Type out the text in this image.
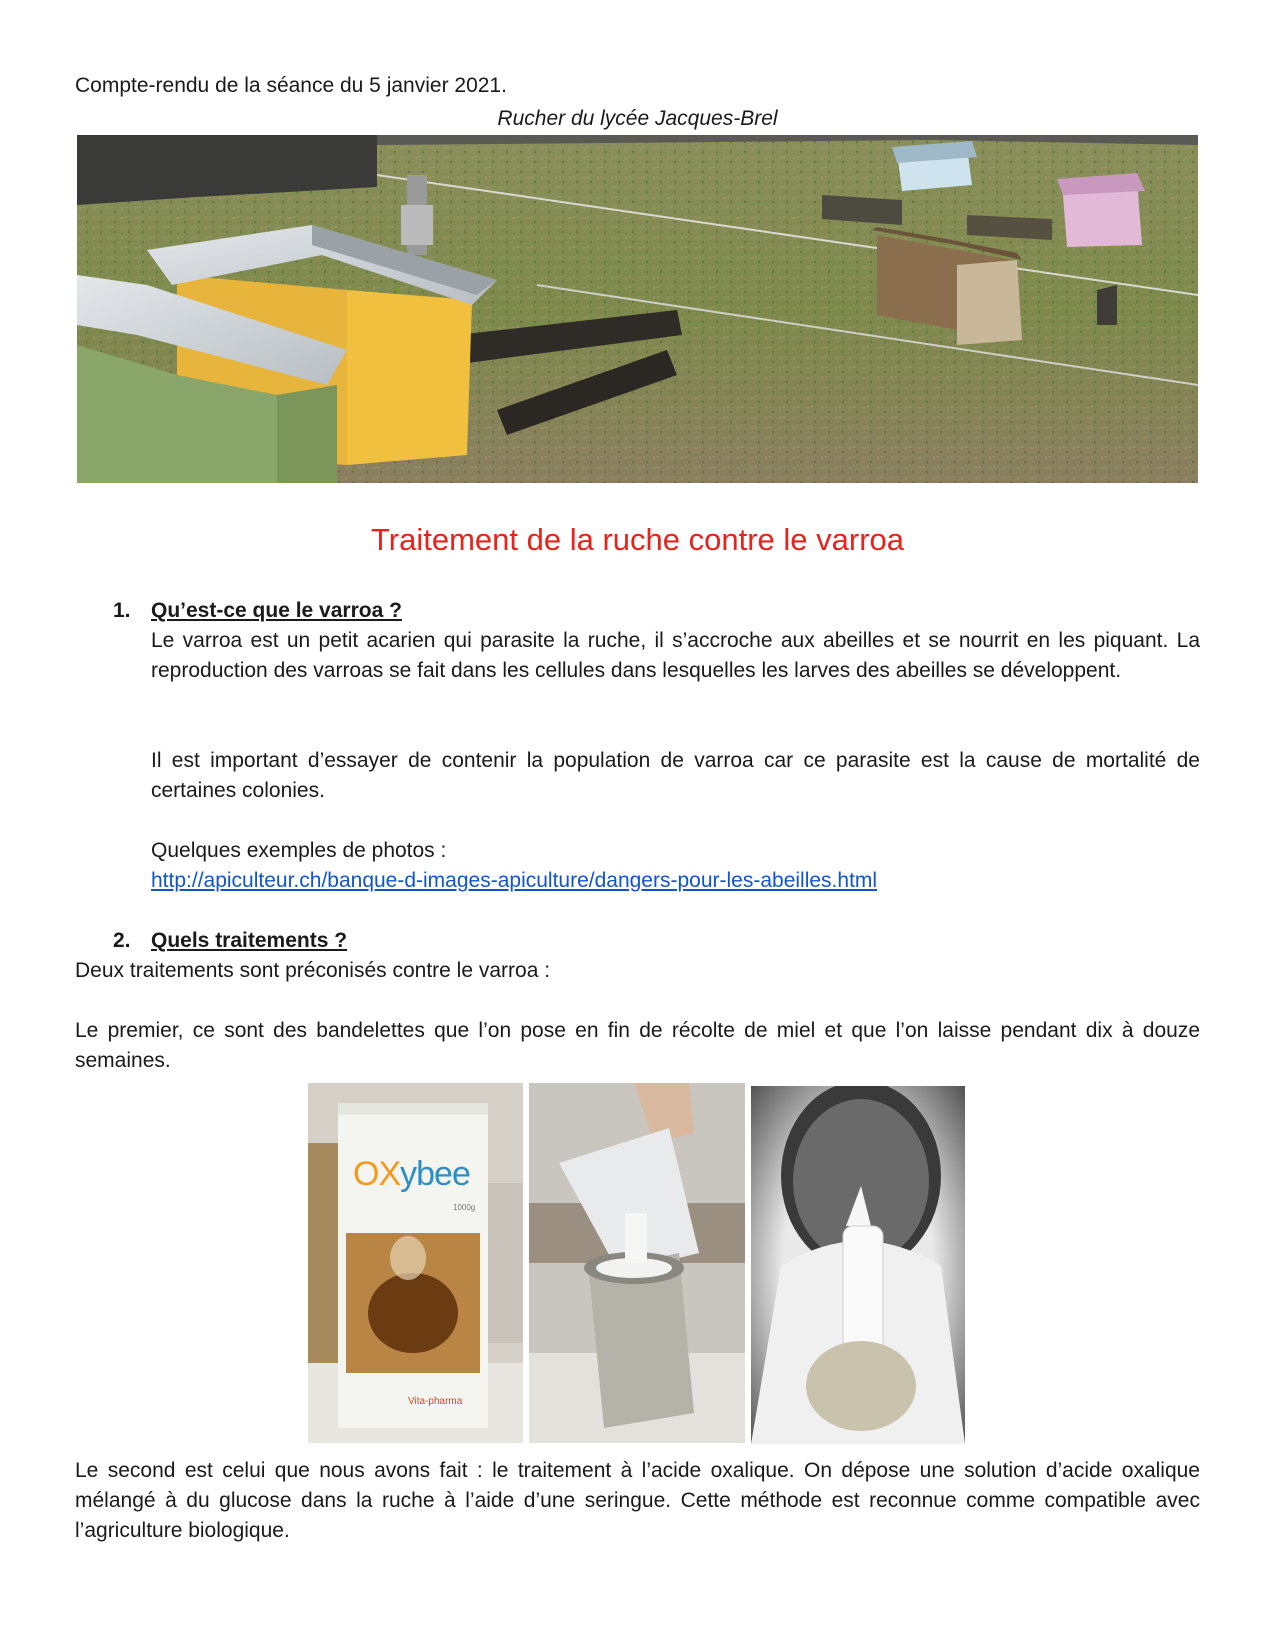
Compte-rendu de la séance du 5 janvier 2021.
Rucher du lycée Jacques-Brel
Traitement de la ruche contre le varroa
1. Qu’est-ce que le varroa ?
Le varroa est un petit acarien qui parasite la ruche, il s’accroche aux abeilles et se nourrit en les piquant. La reproduction des varroas se fait dans les cellules dans lesquelles les larves des abeilles se développent.
Il est important d’essayer de contenir la population de varroa car ce parasite est la cause de mortalité de certaines colonies.
Quelques exemples de photos :
http://apiculteur.ch/banque-d-images-apiculture/dangers-pour-les-abeilles.html
2. Quels traitements ?
Deux traitements sont préconisés contre le varroa :
Le premier, ce sont des bandelettes que l’on pose en fin de récolte de miel et que l’on laisse pendant dix à douze semaines.
OXybee
1000g
Vita-pharma
Le second est celui que nous avons fait : le traitement à l’acide oxalique. On dépose une solution d’acide oxalique mélangé à du glucose dans la ruche à l’aide d’une seringue. Cette méthode est reconnue comme compatible avec l’agriculture biologique.
